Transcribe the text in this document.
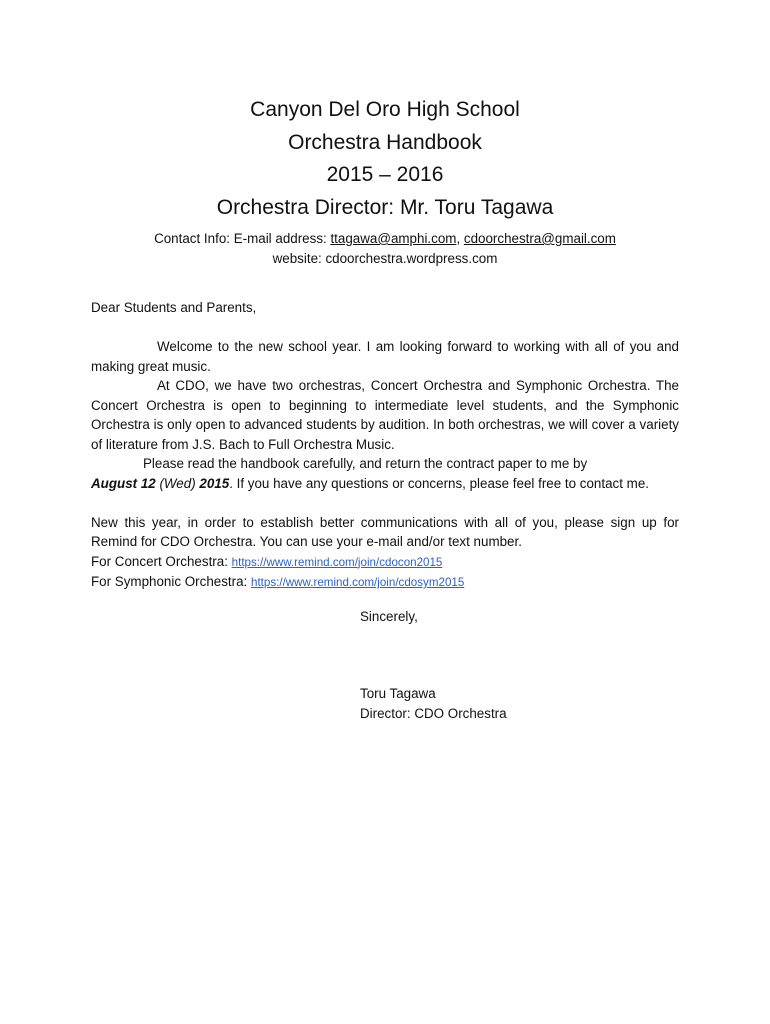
Canyon Del Oro High School
Orchestra Handbook
2015 – 2016
Orchestra Director: Mr. Toru Tagawa

Contact Info: E-mail address: ttagawa@amphi.com, cdoorchestra@gmail.com

website: cdoorchestra.wordpress.com

Dear Students and Parents,

Welcome to the new school year. I am looking forward to working with all of you and making great music.

At CDO, we have two orchestras, Concert Orchestra and Symphonic Orchestra. The Concert Orchestra is open to beginning to intermediate level students, and the Symphonic Orchestra is only open to advanced students by audition. In both orchestras, we will cover a variety of literature from J.S. Bach to Full Orchestra Music.

Please read the handbook carefully, and return the contract paper to me by

August 12 (Wed) 2015. If you have any questions or concerns, please feel free to contact me.

New this year, in order to establish better communications with all of you, please sign up for Remind for CDO Orchestra. You can use your e-mail and/or text number.

For Concert Orchestra: https://www.remind.com/join/cdocon2015

For Symphonic Orchestra: https://www.remind.com/join/cdosym2015

Sincerely,

Toru Tagawa

Director: CDO Orchestra
